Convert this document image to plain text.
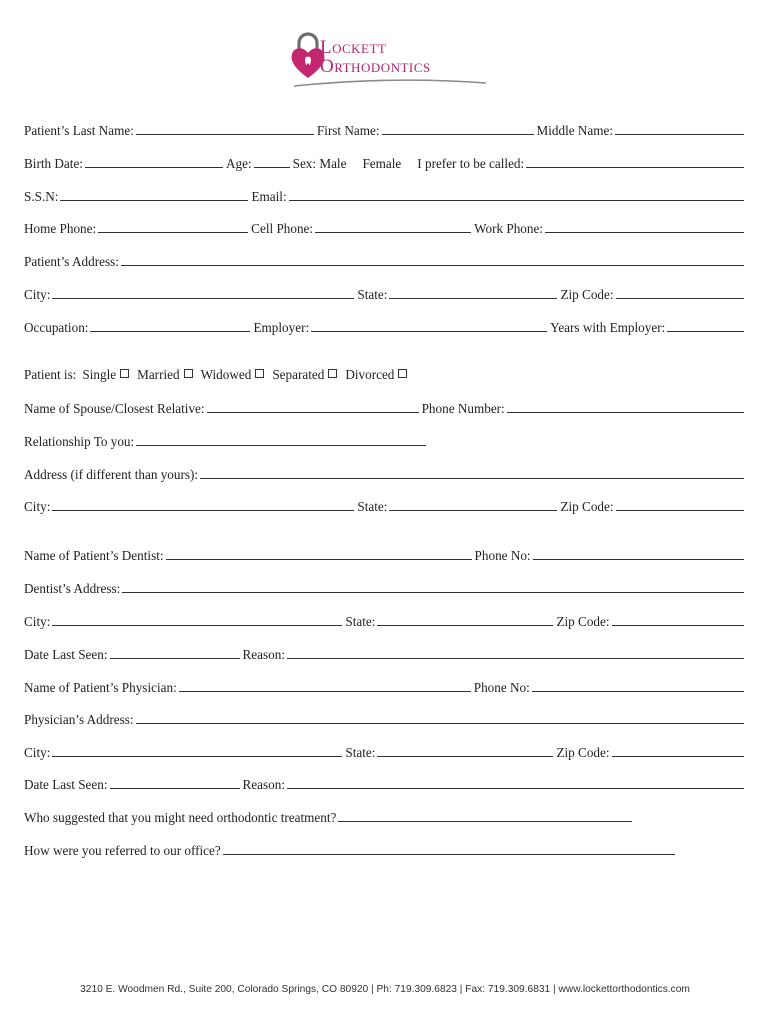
Lockett
Orthodontics
Patient’s Last Name:	First Name:	Middle Name:
Birth Date:	Age:	Sex: Male Female I prefer to be called:
S.S.N:	Email:
Home Phone:	Cell Phone:	Work Phone:
Patient’s Address:
City:	State:	Zip Code:
Occupation:	Employer:	Years with Employer:
Patient is: Single Married Widowed Separated Divorced
Name of Spouse/Closest Relative:	Phone Number:
Relationship To you:
Address (if different than yours):
City:	State:	Zip Code:
Name of Patient’s Dentist:	Phone No:
Dentist’s Address:
City:	State:	Zip Code:
Date Last Seen:	Reason:
Name of Patient’s Physician:	Phone No:
Physician’s Address:
City:	State:	Zip Code:
Date Last Seen:	Reason:
Who suggested that you might need orthodontic treatment?
How were you referred to our office?
3210 E. Woodmen Rd., Suite 200, Colorado Springs, CO 80920 | Ph: 719.309.6823 | Fax: 719.309.6831 | www.lockettorthodontics.com
